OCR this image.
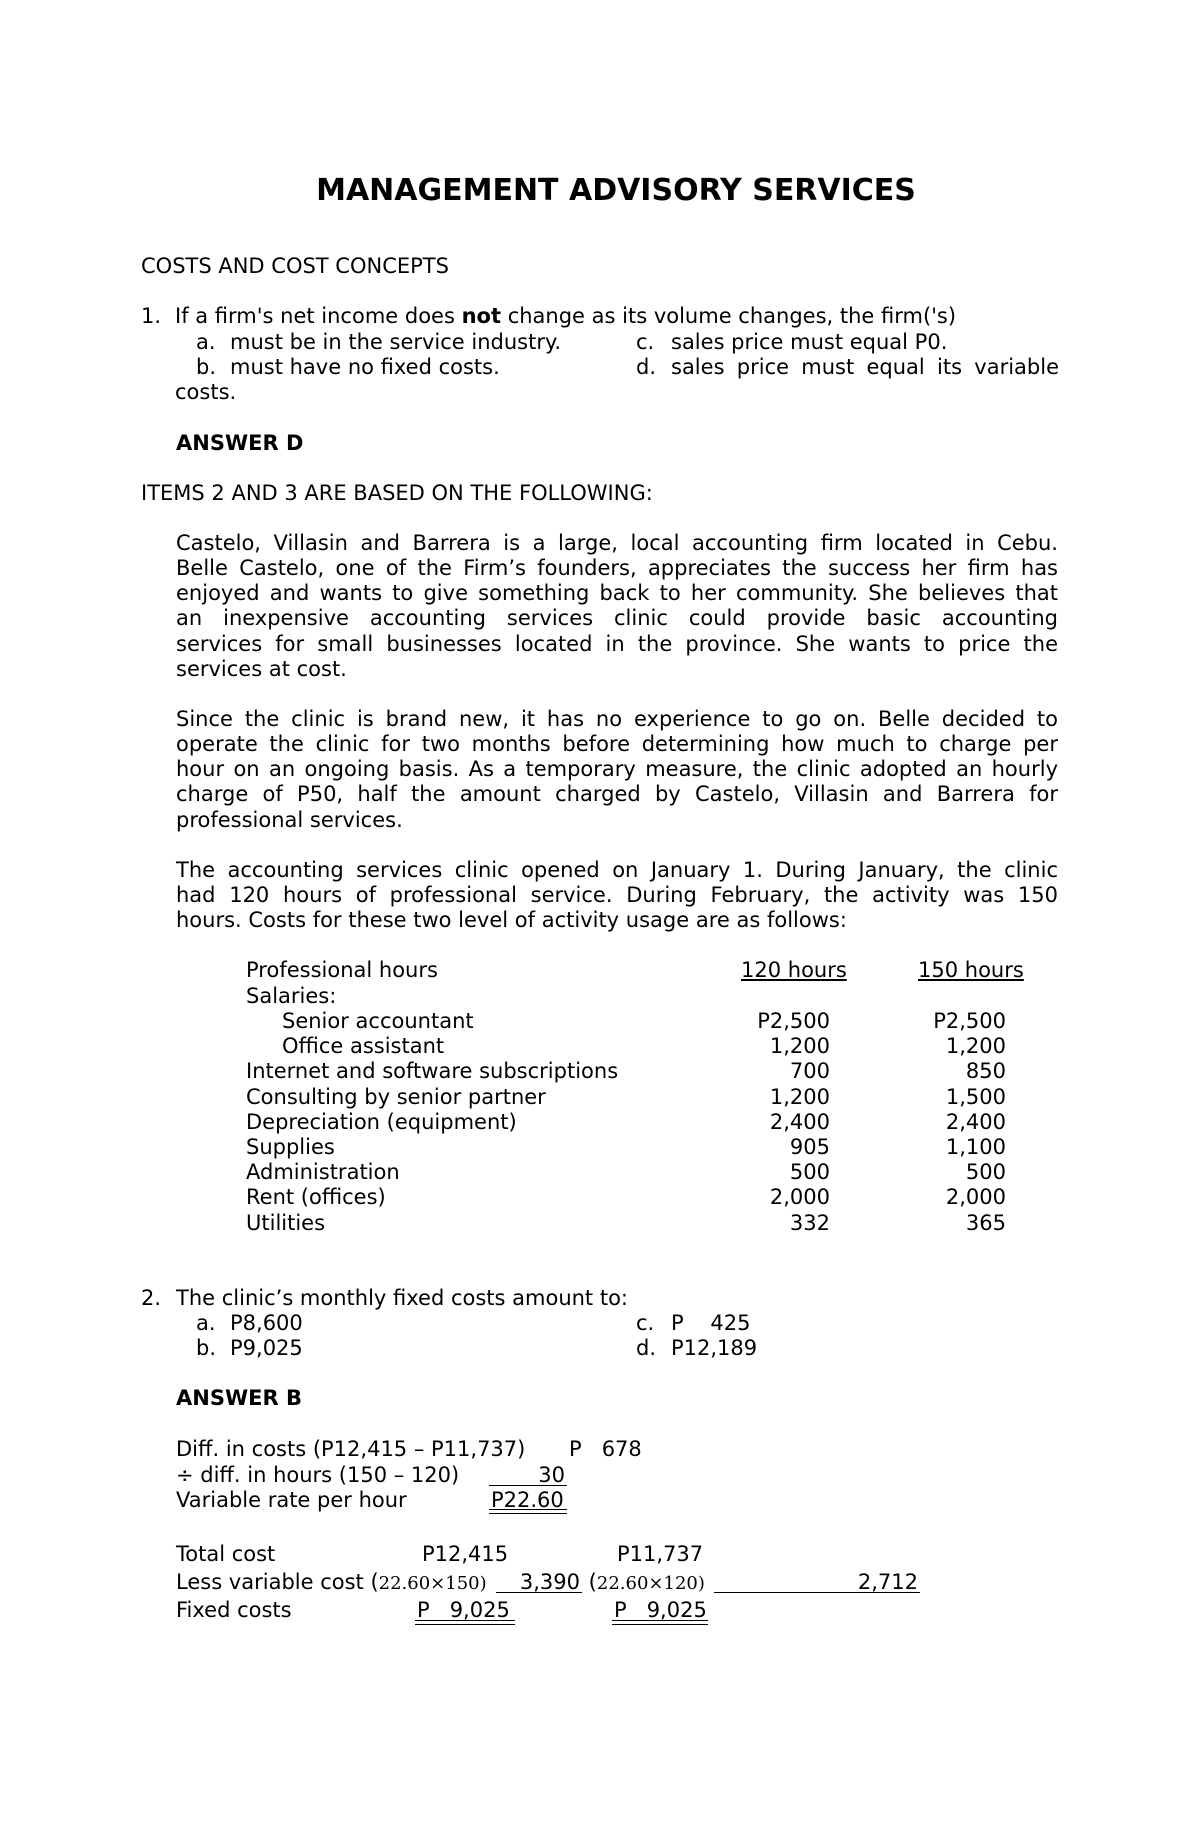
MANAGEMENT ADVISORY SERVICES
COSTS AND COST CONCEPTS
1. If a firm's net income does not change as its volume changes, the firm('s)
a. must be in the service industry.
b. must have no fixed costs.
c. sales price must equal P0.
d. sales price must equal its variable
costs.
ANSWER D
ITEMS 2 AND 3 ARE BASED ON THE FOLLOWING:
Castelo, Villasin and Barrera is a large, local accounting firm located in Cebu.
Belle Castelo, one of the Firm’s founders, appreciates the success her firm has
enjoyed and wants to give something back to her community. She believes that
an inexpensive accounting services clinic could provide basic accounting
services for small businesses located in the province. She wants to price the
services at cost.
Since the clinic is brand new, it has no experience to go on. Belle decided to
operate the clinic for two months before determining how much to charge per
hour on an ongoing basis. As a temporary measure, the clinic adopted an hourly
charge of P50, half the amount charged by Castelo, Villasin and Barrera for
professional services.
The accounting services clinic opened on January 1. During January, the clinic
had 120 hours of professional service. During February, the activity was 150
hours. Costs for these two level of activity usage are as follows:
Professional hours	120 hours	150 hours
Salaries:
Senior accountant	P2,500	P2,500
Office assistant	1,200	1,200
Internet and software subscriptions	700	850
Consulting by senior partner	1,200	1,500
Depreciation (equipment)	2,400	2,400
Supplies	905	1,100
Administration	500	500
Rent (offices)	2,000	2,000
Utilities	332	365
2. The clinic’s monthly fixed costs amount to:
a. P8,600
b. P9,025
c. P    425
d. P12,189
ANSWER B
Diff. in costs (P12,415 – P11,737) P   678
÷ diff. in hours (150 – 120)	30
Variable rate per hour	P22.60
Total cost	P12,415	P11,737
Less variable cost (22.60×150)	3,390 (22.60×120)	2,712
Fixed costs	P   9,025	P   9,025
